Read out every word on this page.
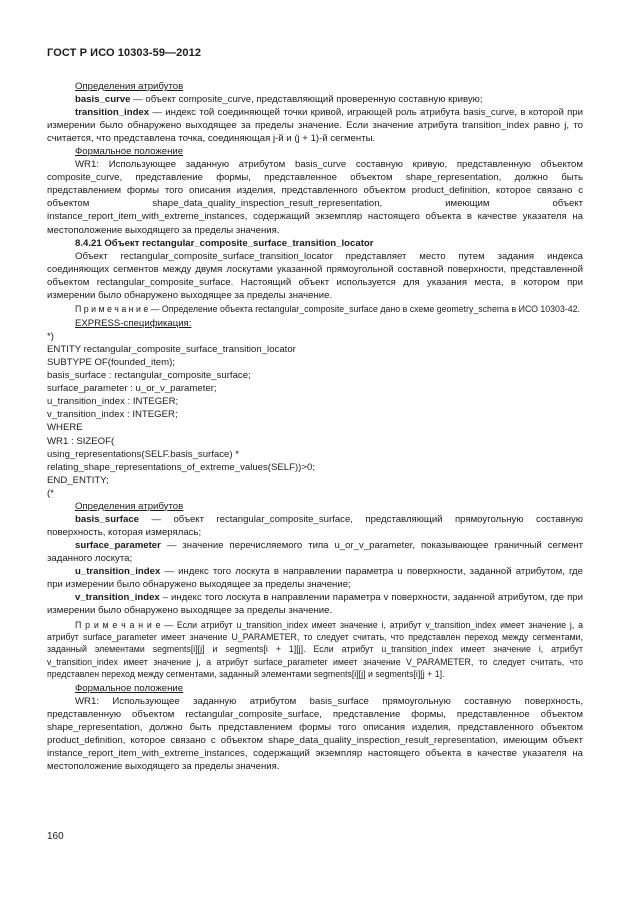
ГОСТ Р ИСО 10303-59—2012

Определения атрибутов

basis_curve — объект composite_curve, представляющий проверенную составную кривую;

transition_index — индекс той соединяющей точки кривой, играющей роль атрибута basis_curve, в которой при измерении было обнаружено выходящее за пределы значение. Если значение атрибута transition_index равно j, то считается, что представлена точка, соединяющая j-й и (j + 1)-й сегменты.

Формальное положение

WR1: Использующее заданную атрибутом basis_curve составную кривую, представленную объектом composite_curve, представление формы, представленное объектом shape_representation, должно быть представлением формы того описания изделия, представленного объектом product_definition, которое связано с объектом shape_data_quality_inspection_result_representation, имеющим объект instance_report_item_with_extreme_instances, содержащий экземпляр настоящего объекта в качестве указателя на местоположение выходящего за пределы значения.

8.4.21 Объект rectangular_composite_surface_transition_locator

Объект rectangular_composite_surface_transition_locator представляет место путем задания индекса соединяющих сегментов между двумя лоскутами указанной прямоугольной составной поверхности, представленной объектом rectangular_composite_surface. Настоящий объект используется для указания места, в котором при измерении было обнаружено выходящее за пределы значение.

П р и м е ч а н и е — Определение объекта rectangular_composite_surface дано в схеме geometry_schema в ИСО 10303-42.

EXPRESS-спецификация:

*)
ENTITY rectangular_composite_surface_transition_locator
SUBTYPE OF(founded_item);
basis_surface : rectangular_composite_surface;
surface_parameter : u_or_v_parameter;
u_transition_index : INTEGER;
v_transition_index : INTEGER;
WHERE
WR1 : SIZEOF(
using_representations(SELF.basis_surface) *
relating_shape_representations_of_extreme_values(SELF))>0;
END_ENTITY;
(*

Определения атрибутов

basis_surface — объект rectangular_composite_surface, представляющий прямоугольную составную поверхность, которая измерялась;

surface_parameter — значение перечисляемого типа u_or_v_parameter, показывающее граничный сегмент заданного лоскута;

u_transition_index — индекс того лоскута в направлении параметра u поверхности, заданной атрибутом, где при измерении было обнаружено выходящее за пределы значение;

v_transition_index – индекс того лоскута в направлении параметра v поверхности, заданной атрибутом, где при измерении было обнаружено выходящее за пределы значение.

П р и м е ч а н и е — Если атрибут u_transition_index имеет значение i, атрибут v_transition_index имеет значение j, а атрибут surface_parameter имеет значение U_PARAMETER, то следует считать, что представлен переход между сегментами, заданный элементами segments[i][j] и segments[i + 1][j]. Если атрибут u_transition_index имеет значение i, атрибут v_transition_index имеет значение j, а атрибут surface_parameter имеет значение V_PARAMETER, то следует считать, что представлен переход между сегментами, заданный элементами segments[i][j] и segments[i][j + 1].

Формальное положение

WR1: Использующее заданную атрибутом basis_surface прямоугольную составную поверхность, представленную объектом rectangular_composite_surface, представление формы, представленное объектом shape_representation, должно быть представлением формы того описания изделия, представленного объектом product_definition, которое связано с объектом shape_data_quality_inspection_result_representation, имеющим объект instance_report_item_with_extreme_instances, содержащий экземпляр настоящего объекта в качестве указателя на местоположение выходящего за пределы значения.

160
